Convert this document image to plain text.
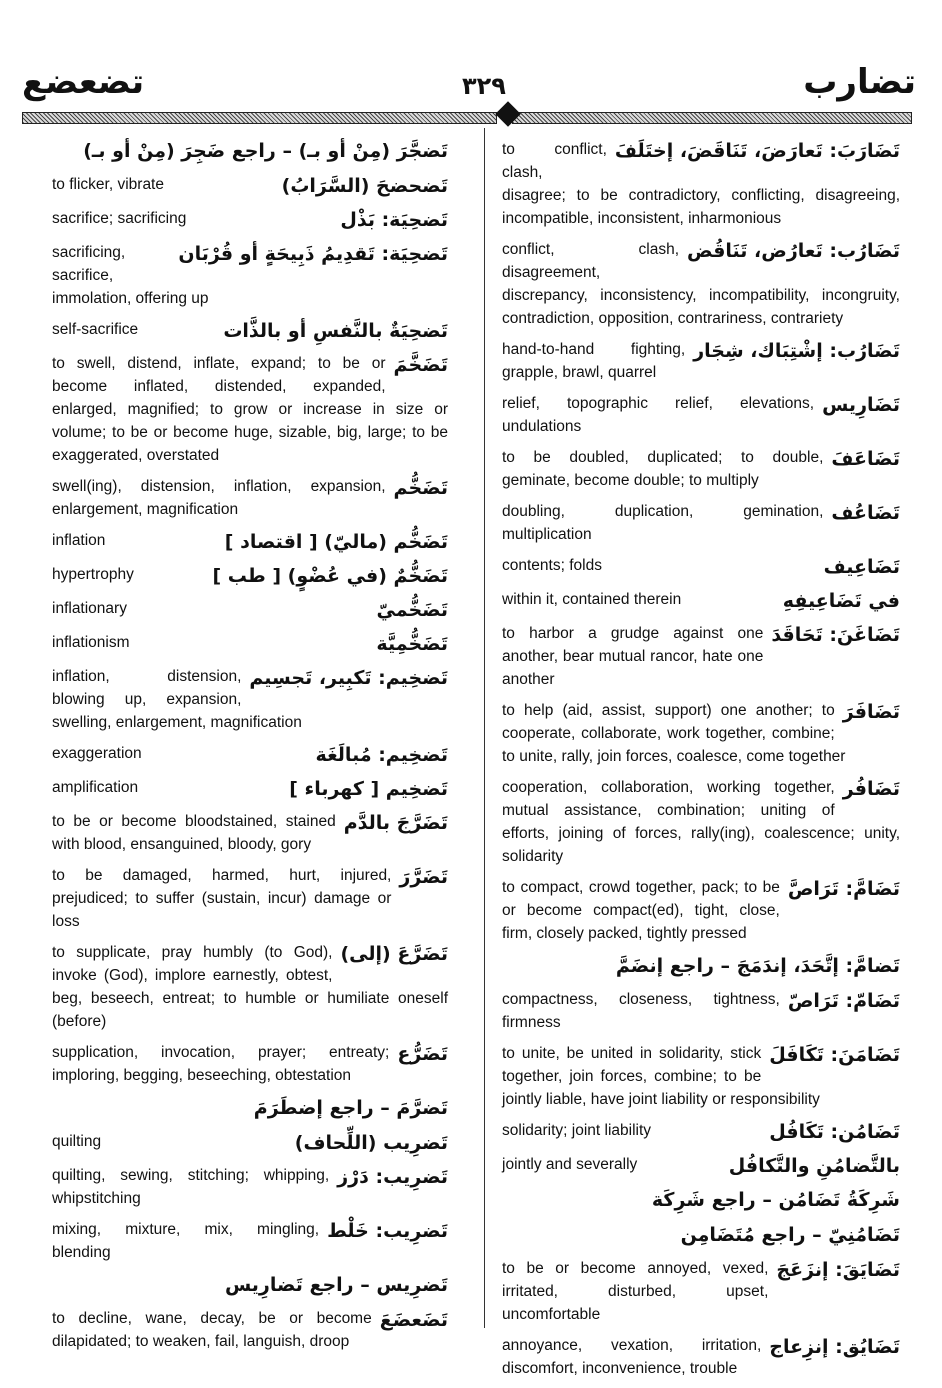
تضعضع	٣٢٩	تضارب
تَضجَّرَ (مِنْ أو بـ) – راجع ضَجِرَ (مِنْ أو بـ)
تَضحضحَ (السَّرَابُ)
to flicker, vibrate
تَضحِيَة: بَذْل
sacrifice; sacrificing
تَضحِيَة: تَقدِيمُ ذَبِيحَةٍ أو قُرْبَان
sacrificing, sacrifice, immolation, offering up
تَضحِيَةٌ بالنَّفسِ أو بالذَّات
self-sacrifice
تَضَخَّمَ
to swell, distend, inflate, expand; to be or become inflated, distended, expanded, enlarged, magnified; to grow or increase in size or volume; to be or become huge, sizable, big, large; to be exaggerated, overstated
تَضَخُّم
swell(ing), distension, inflation, expansion, enlargement, magnification
تَضَخُّم (ماليّ) [ اقتصاد ]
inflation
تَضَخُّمٌ (في عُضْوٍ) [ طب ]
hypertrophy
تَضَخُّميّ
inflationary
تَضَخُّمِيَّة
inflationism
تَضخِيم: تَكبِير، تَجسِيم
inflation, distension, blowing up, expansion, swelling, enlargement, magnification
تَضخِيم: مُبالَغَة
exaggeration
تَضخِيم [ كهرباء ]
amplification
تَضَرَّجَ بالدَّم
to be or become bloodstained, stained with blood, ensanguined, bloody, gory
تَضَرَّرَ
to be damaged, harmed, hurt, injured, prejudiced; to suffer (sustain, incur) damage or loss
تَضَرَّعَ (إلى)
to supplicate, pray humbly (to God), invoke (God), implore earnestly, obtest, beg, beseech, entreat; to humble or humiliate oneself (before)
تَضَرُّع
supplication, invocation, prayer; entreaty; imploring, begging, beseeching, obtestation
تَضرَّمَ – راجع إضطَرَمَ
تَضرِيب (اللِّحاف)
quilting
تَضرِيب: دَرْز
quilting, sewing, stitching; whipping, whipstitching
تَضرِيب: خَلْط
mixing, mixture, mix, mingling, blending
تَضرِيس – راجع تَضارِيس
تَضَعضَعَ
to decline, wane, decay, be or become dilapidated; to weaken, fail, languish, droop
تَضَارَبَ: تَعارَضَ، تَنَاقَضَ، إختَلَفَ
to conflict, clash, disagree; to be contradictory, conflicting, disagreeing, incompatible, inconsistent, inharmonious
تَضَارُب: تَعارُض، تَنَاقُض
conflict, clash, disagreement, discrepancy, inconsistency, incompatibility, incongruity, contradiction, opposition, contrariness, contrariety
تَضَارُب: إشْتِبَاك، شِجَار
hand-to-hand fighting, grapple, brawl, quarrel
تَضَارِيس
relief, topographic relief, elevations, undulations
تَضَاعَفَ
to be doubled, duplicated; to double, geminate, become double; to multiply
تَضَاعُف
doubling, duplication, gemination, multiplication
تَضَاعِيف
contents; folds
في تَضَاعِيفِهِ
within it, contained therein
تَضَاغَنَ: تَحَاقَدَ
to harbor a grudge against one another, bear mutual rancor, hate one another
تَضَافَرَ
to help (aid, assist, support) one another; to cooperate, collaborate, work together, combine; to unite, rally, join forces, coalesce, come together
تَضَافُر
cooperation, collaboration, working together, mutual assistance, combination; uniting of efforts, joining of forces, rally(ing), coalescence; unity, solidarity
تَضَامَّ: تَرَاصَّ
to compact, crowd together, pack; to be or become compact(ed), tight, close, firm, closely packed, tightly pressed
تَضامَّ: إتَّحَدَ، إندَمَجَ – راجع إنضَمَّ
تَضَامّ: تَرَاصّ
compactness, closeness, tightness, firmness
تَضَامَنَ: تَكَافَلَ
to unite, be united in solidarity, stick together, join forces, combine; to be jointly liable, have joint liability or responsibility
تَضَامُن: تَكَافُل
solidarity; joint liability
بالتَّضامُنِ والتَّكافُل
jointly and severally
شَرِكَةُ تَضَامُن – راجع شَرِكَة
تَضَامُنِيّ – راجع مُتَضَامِن
تَضَايَقَ: إنزَعَجَ
to be or become annoyed, vexed, irritated, disturbed, upset, uncomfortable
تَضَايُق: إنزِعاج
annoyance, vexation, irritation, discomfort, inconvenience, trouble
